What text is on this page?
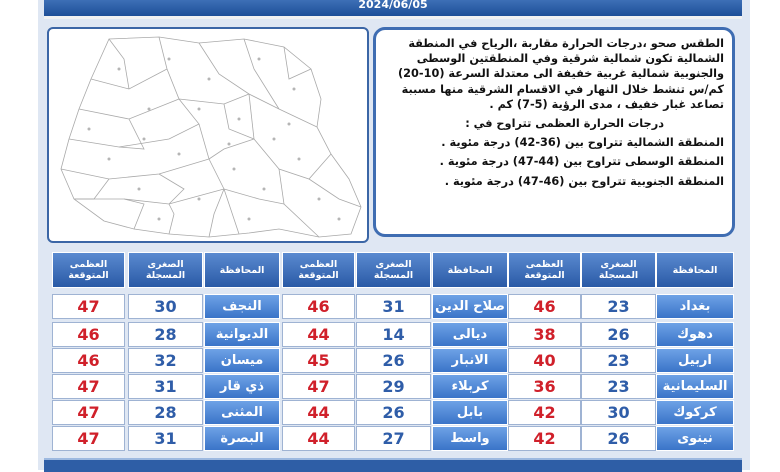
2024/06/05

الطقس صحو ،درجات الحرارة مقاربة ،الرياح في المنطقة الشمالية تكون شمالية شرقية وفي المنطقتين الوسطى والجنوبية شمالية غربية خفيفة الى معتدلة السرعة (10-20) كم/س تنشط خلال النهار في الاقسام الشرقية منها مسببة تصاعد غبار خفيف ، مدى الرؤية (5-7) كم .

درجات الحرارة العظمى تتراوح في :

المنطقة الشمالية تتراوح بين (36-42) درجة مئوية .

المنطقة الوسطى تتراوح بين (44-47) درجة مئوية .

المنطقة الجنوبية تتراوح بين (46-47) درجة مئوية .

المحافظة
الصغرى المسجلة
العظمى المتوقعة
بغداد
23
46
دهوك
26
38
اربيل
23
40
السليمانية
23
36
كركوك
30
42
نينوى
26
42
المحافظة
الصغرى المسجلة
العظمى المتوقعة
صلاح الدين
31
46
ديالى
14
44
الانبار
26
45
كربلاء
29
47
بابل
26
44
واسط
27
44
المحافظة
الصغرى المسجلة
العظمى المتوقعة
النجف
30
47
الديوانية
28
46
ميسان
32
46
ذي قار
31
47
المثنى
28
47
البصرة
31
47
